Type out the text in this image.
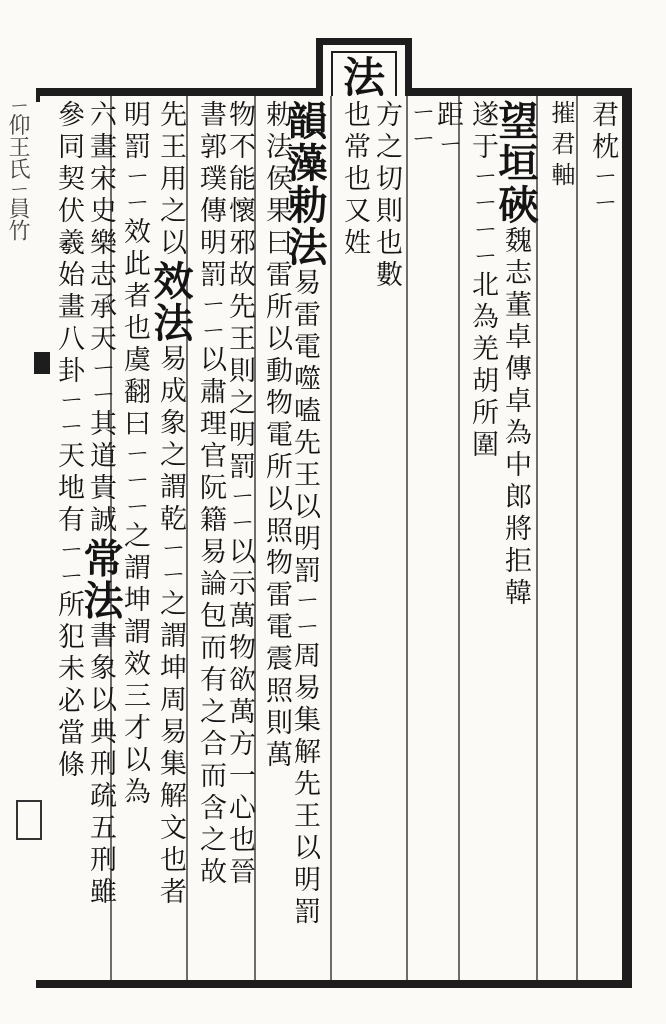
法
君枕ㄧㄧ
摧君軸
望垣硤魏志董卓傳卓為中郎將拒韓
遂于ㄧㄧㄧㄧ北為羌胡所圍
距ㄧ
ㄧㄧ
方之切則也數
也常也又姓
韻藻勅法易雷電噬嗑先王以明罰ㄧㄧ周易集解先王以明罰
勅法侯果曰雷所以動物電所以照物雷電震照則萬
物不能懷邪故先王則之明罰ㄧㄧ以示萬物欲萬方一心也晉
書郭璞傳明罰ㄧㄧ以肅理官阮籍易論包而有之合而含之故
先王用之以效法易成象之謂乾ㄧㄧ之謂坤周易集解文也者
明罰ㄧㄧ效此者也虞翻曰ㄧㄧㄧ之謂坤謂效三才以為
六畫宋史樂志承天ㄧㄧ其道貴誠常法書象以典刑疏五刑雖
參同契伏羲始畫八卦ㄧㄧ天地有ㄧㄧ所犯未必當條
ㄧ仰王氏ㄧ員竹
